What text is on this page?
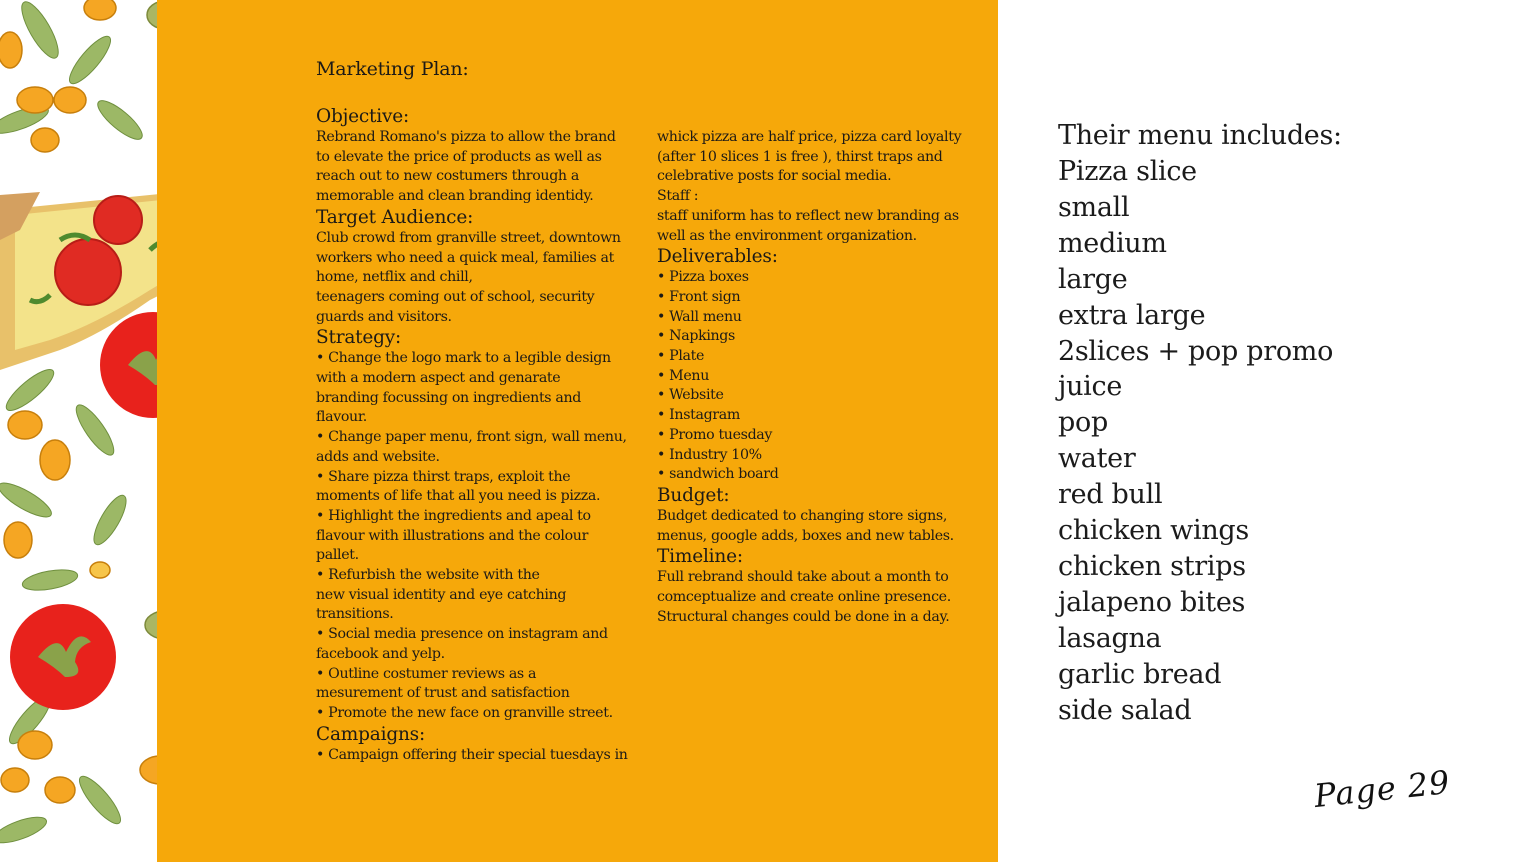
Marketing Plan:
Objective:

Rebrand Romano's pizza to allow the brand
to elevate the price of products as well as
reach out to new costumers through a
memorable and clean branding identidy.

Target Audience:

Club crowd from granville street, downtown
workers who need a quick meal, families at
home, netflix and chill,
teenagers coming out of school, security
guards and visitors.

Strategy:

• Change the logo mark to a legible design
with a modern aspect and genarate
branding focussing on ingredients and
flavour.
• Change paper menu, front sign, wall menu,
adds and website.
• Share pizza thirst traps, exploit the
moments of life that all you need is pizza.
• Highlight the ingredients and apeal to
flavour with illustrations and the colour
pallet.
• Refurbish the website with the
new visual identity and eye catching
transitions.
• Social media presence on instagram and
facebook and yelp.
• Outline costumer reviews as a
mesurement of trust and satisfaction
• Promote the new face on granville street.

Campaigns:

• Campaign offering their special tuesdays in

whick pizza are half price, pizza card loyalty
(after 10 slices 1 is free ), thirst traps and
celebrative posts for social media.
Staff :
staff uniform has to reflect new branding as
well as the environment organization.

Deliverables:
• Pizza boxes
• Front sign
• Wall menu
• Napkings
• Plate
• Menu
• Website
• Instagram
• Promo tuesday
• Industry 10%
• sandwich board
Budget:

Budget dedicated to changing store signs,
menus, google adds, boxes and new tables.

Timeline:

Full rebrand should take about a month to
comceptualize and create online presence.
Structural changes could be done in a day.

Their menu includes:
Pizza slice
small
medium
large
extra large
2slices + pop promo
juice
pop
water
red bull
chicken wings
chicken strips
jalapeno bites
lasagna
garlic bread
side salad
Page 29
